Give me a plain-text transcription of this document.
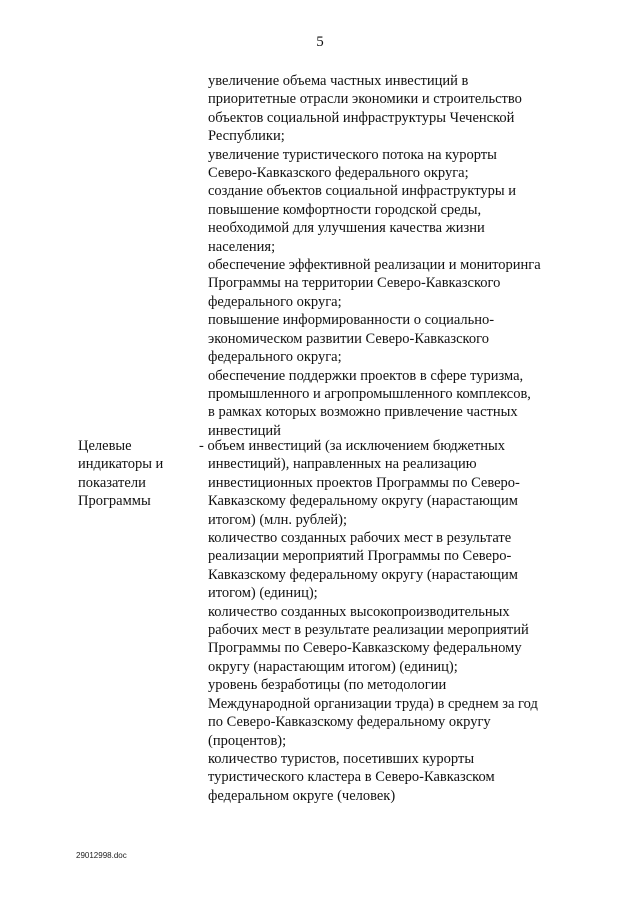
5
увеличение объема частных инвестиций в
приоритетные отрасли экономики и строительство
объектов социальной инфраструктуры Чеченской
Республики;
увеличение туристического потока на курорты
Северо-Кавказского федерального округа;
создание объектов социальной инфраструктуры и
повышение комфортности городской среды,
необходимой для улучшения качества жизни
населения;
обеспечение эффективной реализации и мониторинга
Программы на территории Северо-Кавказского
федерального округа;
повышение информированности о социально-
экономическом развитии Северо-Кавказского
федерального округа;
обеспечение поддержки проектов в сфере туризма,
промышленного и агропромышленного комплексов,
в рамках которых возможно привлечение частных
инвестиций
Целевые
индикаторы и
показатели
Программы
- объем инвестиций (за исключением бюджетных
инвестиций), направленных на реализацию
инвестиционных проектов Программы по Северо-
Кавказскому федеральному округу (нарастающим
итогом) (млн. рублей);
количество созданных рабочих мест в результате
реализации мероприятий Программы по Северо-
Кавказскому федеральному округу (нарастающим
итогом) (единиц);
количество созданных высокопроизводительных
рабочих мест в результате реализации мероприятий
Программы по Северо-Кавказскому федеральному
округу (нарастающим итогом) (единиц);
уровень безработицы (по методологии
Международной организации труда) в среднем за год
по Северо-Кавказскому федеральному округу
(процентов);
количество туристов, посетивших курорты
туристического кластера в Северо-Кавказском
федеральном округе (человек)
29012998.doc
